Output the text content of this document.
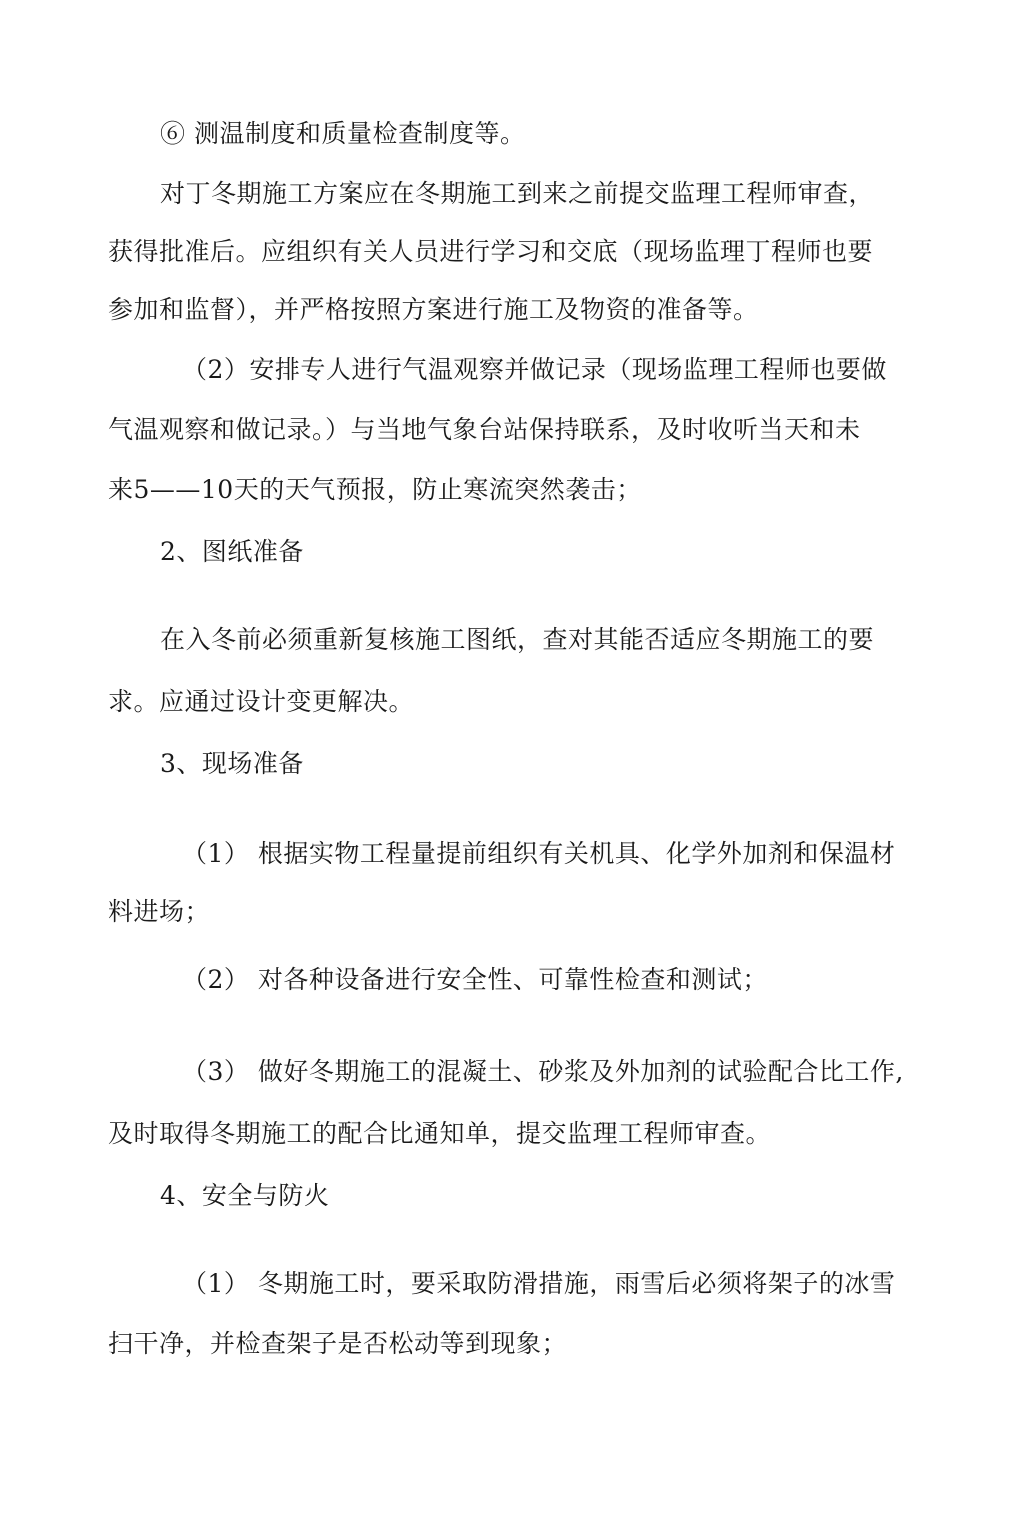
⑥ 测温制度和质量检查制度等。
对丁冬期施工方案应在冬期施工到来之前提交监理工程师审查，
获得批准后。应组织有关人员进行学习和交底（现场监理丁程师也要
参加和监督），并严格按照方案进行施工及物资的准备等。
（2）安排专人进行气温观察并做记录（现场监理工程师也要做
气温观察和做记录。）与当地气象台站保持联系，及时收听当天和未
来5——10天的天气预报，防止寒流突然袭击；
2、图纸准备
在入冬前必须重新复核施工图纸，查对其能否适应冬期施工的要
求。应通过设计变更解决。
3、现场准备
（1） 根据实物工程量提前组织有关机具、化学外加剂和保温材
料进场；
（2） 对各种设备进行安全性、可靠性检查和测试；
（3） 做好冬期施工的混凝土、砂浆及外加剂的试验配合比工作,
及时取得冬期施工的配合比通知单，提交监理工程师审查。
4、安全与防火
（1） 冬期施工时，要采取防滑措施，雨雪后必须将架子的冰雪
扫干净，并检查架子是否松动等到现象；
